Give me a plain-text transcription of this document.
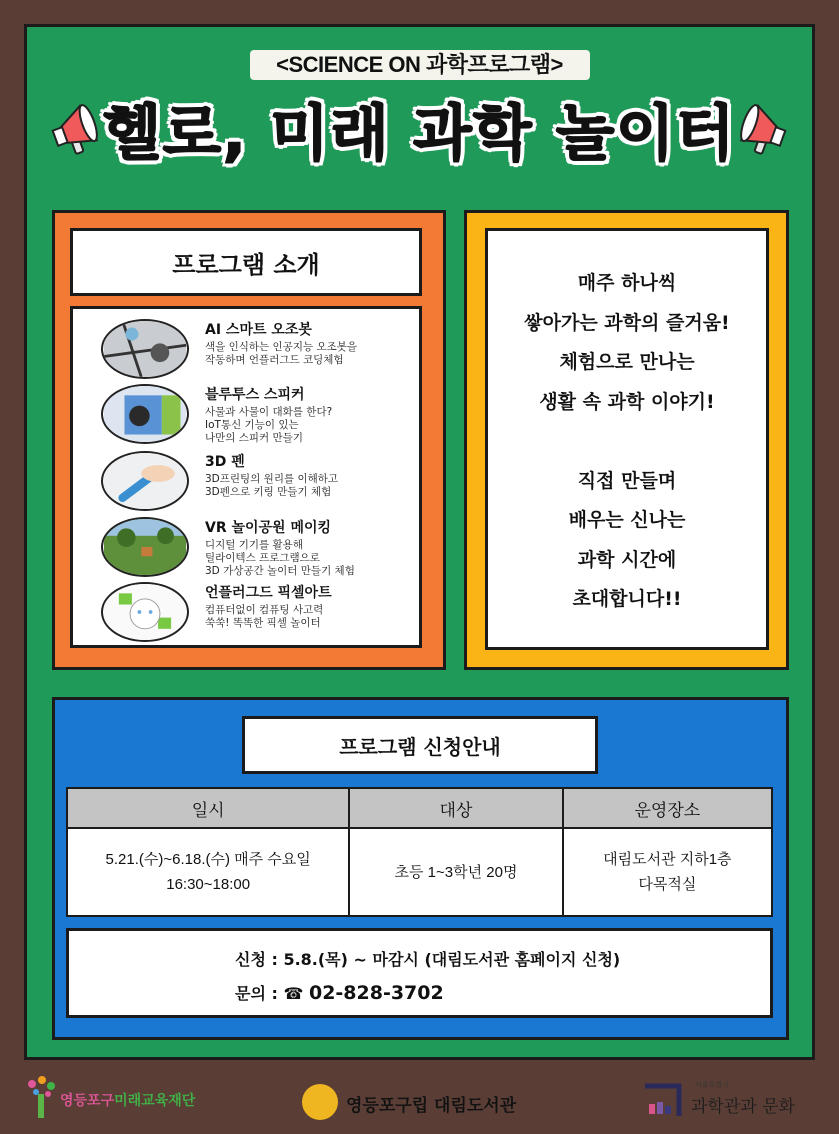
<SCIENCE ON 과학프로그램>
헬로, 미래 과학 놀이터
프로그램 소개
AI 스마트 오조봇
색을 인식하는 인공지능 오조봇을
작동하며 언플러그드 코딩체험
블루투스 스피커
사물과 사물이 대화를 한다?
IoT통신 기능이 있는
나만의 스피커 만들기
3D 펜
3D프린팅의 원리를 이해하고
3D펜으로 키링 만들기 체험
VR 놀이공원 메이킹
디지털 기기를 활용해
틸라이텍스 프로그램으로
3D 가상공간 놀이터 만들기 체험
언플러그드 픽셀아트
컴퓨터없이 컴퓨팅 사고력
쑥쑥! 똑똑한 픽셀 놀이터
매주 하나씩
쌓아가는 과학의 즐거움!
체험으로 만나는
생활 속 과학 이야기!
직접 만들며
배우는 신나는
과학 시간에
초대합니다!!
프로그램 신청안내
일시	대상	운영장소
5.21.(수)~6.18.(수) 매주 수요일
16:30~18:00	초등 1~3학년 20명	대림도서관 지하1층
다목적실
신청 : 5.8.(목) ~ 마감시 (대림도서관 홈페이지 신청)
문의 : ☎ 02-828-3702
영등포구미래교육재단	영등포구립 대림도서관
서울특별시
과학관과 문화
